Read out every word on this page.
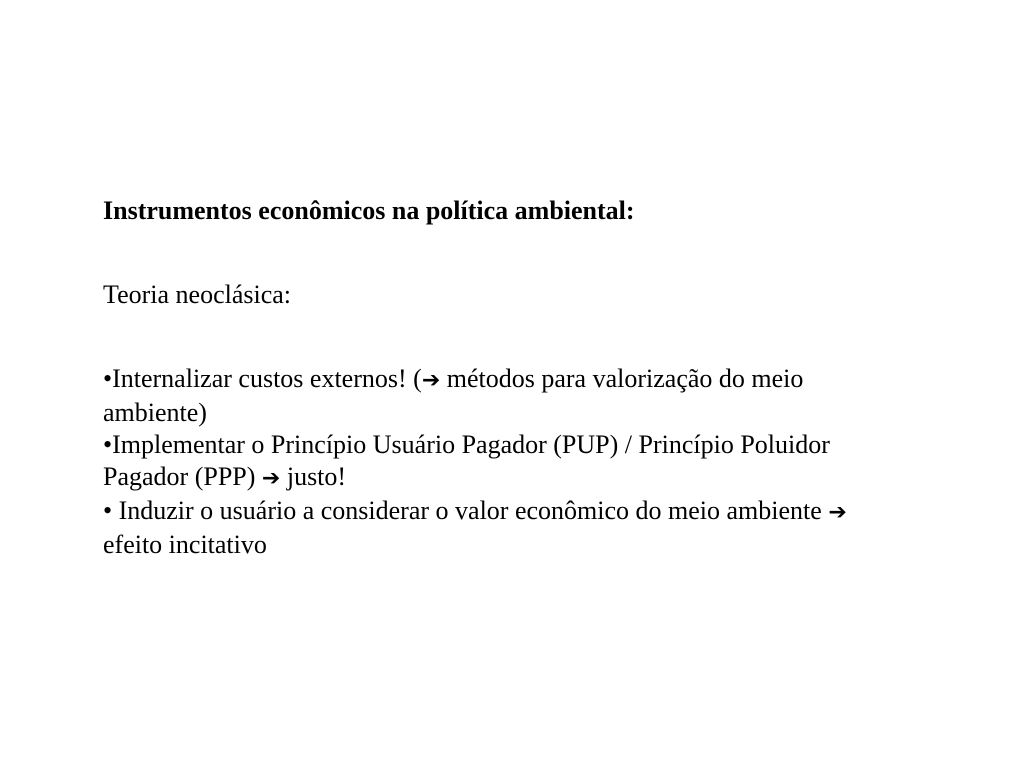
Instrumentos econômicos na política ambiental:

Teoria neoclásica:

•Internalizar custos externos! (➔ métodos para valorização do meio ambiente)
•Implementar o Princípio Usuário Pagador (PUP) / Princípio Poluidor Pagador (PPP) ➔ justo!
• Induzir o usuário a considerar o valor econômico do meio ambiente ➔ efeito incitativo
